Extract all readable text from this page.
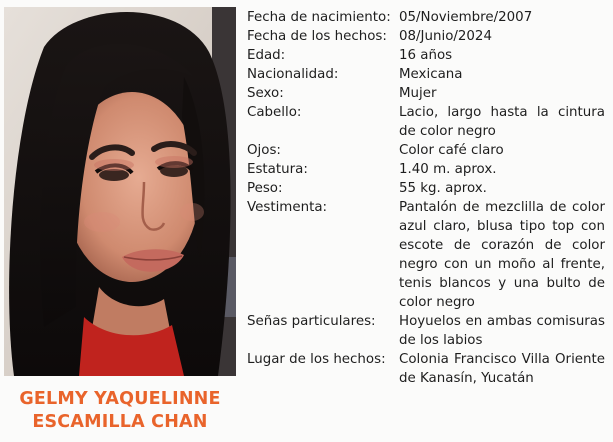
GELMY YAQUELINNE
ESCAMILLA CHAN
Fecha de nacimiento: 05/Noviembre/2007
Fecha de los hechos: 08/Junio/2024
Edad:	16 años
Nacionalidad:	Mexicana
Sexo:	Mujer
Cabello:	Lacio, largo hasta la cintura de color negro
Ojos:	Color café claro
Estatura:	1.40 m. aprox.
Peso:	55 kg. aprox.
Vestimenta:	Pantalón de mezclilla de color azul claro, blusa tipo top con escote de corazón de color negro con un moño al frente, tenis blancos y una bulto de color negro
Señas particulares:	Hoyuelos en ambas comisuras de los labios
Lugar de los hechos:	Colonia Francisco Villa Oriente de Kanasín, Yucatán
